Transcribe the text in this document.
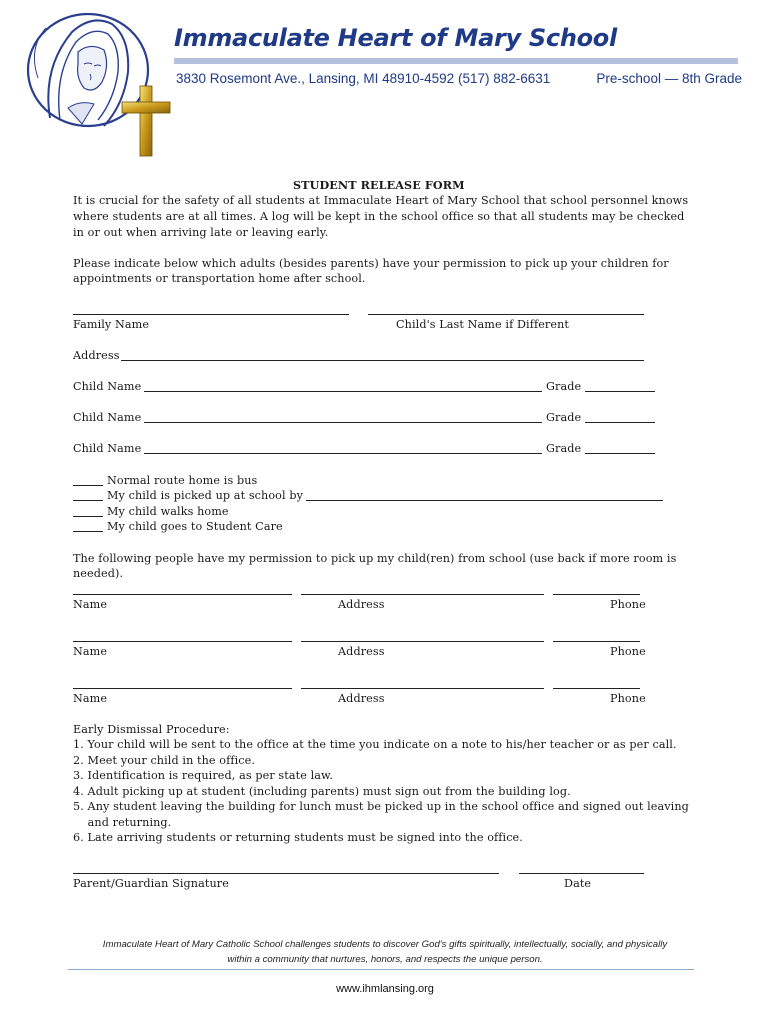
Immaculate Heart of Mary School
3830 Rosemont Ave., Lansing, MI 48910-4592 (517) 882-6631	Pre-school — 8th Grade
STUDENT RELEASE FORM
It is crucial for the safety of all students at Immaculate Heart of Mary School that school personnel knows
where students are at all times. A log will be kept in the school office so that all students may be checked
in or out when arriving late or leaving early.
Please indicate below which adults (besides parents) have your permission to pick up your children for
appointments or transportation home after school.
Family Name	Child's Last Name if Different
Address
Child Name	Grade
Child Name	Grade
Child Name	Grade
Normal route home is bus
My child is picked up at school by
My child walks home
My child goes to Student Care
The following people have my permission to pick up my child(ren) from school (use back if more room is
needed).
Name	Address	Phone
Name	Address	Phone
Name	Address	Phone
Early Dismissal Procedure:
1. Your child will be sent to the office at the time you indicate on a note to his/her teacher or as per call.
2. Meet your child in the office.
3. Identification is required, as per state law.
4. Adult picking up at student (including parents) must sign out from the building log.
5. Any student leaving the building for lunch must be picked up in the school office and signed out leaving
and returning.
6. Late arriving students or returning students must be signed into the office.
Parent/Guardian Signature	Date
Immaculate Heart of Mary Catholic School challenges students to discover God's gifts spiritually, intellectually, socially, and physically
within a community that nurtures, honors, and respects the unique person.
www.ihmlansing.org
